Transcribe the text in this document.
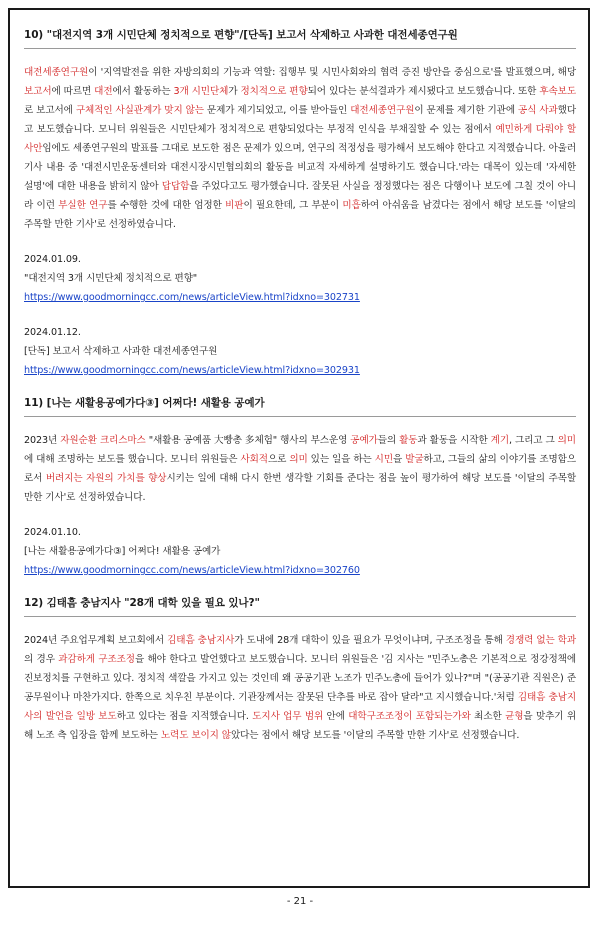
10) "대전지역 3개 시민단체 정치적으로 편향"/[단독] 보고서 삭제하고 사과한 대전세종연구원

대전세종연구원이 '지역발전을 위한 자방의회의 기능과 역할: 집행부 및 시민사회와의 협력 증진 방안을 중심으로'를 발표했으며, 해당 보고서에 따르면 대전에서 활동하는 3개 시민단체가 정치적으로 편향되어 있다는 분석결과가 제시됐다고 보도했습니다. 또한 후속보도로 보고서에 구체적인 사실관계가 맞지 않는 문제가 제기되었고, 이를 받아들인 대전세종연구원이 문제를 제기한 기관에 공식 사과했다고 보도했습니다. 모니터 위원들은 시민단체가 정치적으로 편향되었다는 부정적 인식을 부채질할 수 있는 점에서 예민하게 다뤄야 할 사안임에도 세종연구원의 발표를 그대로 보도한 점은 문제가 있으며, 연구의 적정성을 평가해서 보도해야 한다고 지적했습니다. 아울러 기사 내용 중 '대전시민운동센터와 대전시장시민협의회의 활동을 비교적 자세하게 설명하기도 했습니다.'라는 대목이 있는데 '자세한 설명'에 대한 내용을 밝히지 않아 답답함을 주었다고도 평가했습니다. 잘못된 사실을 정정했다는 점은 다행이나 보도에 그칠 것이 아니라 이런 부실한 연구를 수행한 것에 대한 엄정한 비판이 필요한데, 그 부분이 미흡하여 아쉬움을 남겼다는 점에서 해당 보도를 '이달의 주목할 만한 기사'로 선정하였습니다.

2024.01.09.
"대전지역 3개 시민단체 정치적으로 편향"
https://www.goodmorningcc.com/news/articleView.html?idxno=302731
2024.01.12.
[단독] 보고서 삭제하고 사과한 대전세종연구원
https://www.goodmorningcc.com/news/articleView.html?idxno=302931
11) [나는 새활용공예가다③] 어쩌다! 새활용 공예가

2023년 자원순환 크리스마스 "새활용 공예품 大빵총 多체험" 행사의 부스운영 공예가들의 활동과 활동을 시작한 계기, 그리고 그 의미에 대해 조명하는 보도를 했습니다. 모니터 위원들은 사회적으로 의미 있는 일을 하는 시민을 발굴하고, 그들의 삶의 이야기를 조명함으로서 버려지는 자원의 가치를 향상시키는 일에 대해 다시 한번 생각할 기회를 준다는 점을 높이 평가하여 해당 보도를 '이달의 주목할 만한 기사'로 선정하였습니다.

2024.01.10.
[나는 새활용공예가다③] 어쩌다! 새활용 공예가
https://www.goodmorningcc.com/news/articleView.html?idxno=302760
12) 김태흠 충남지사 "28개 대학 있을 필요 있나?"

2024년 주요업무계획 보고회에서 김태흠 충남지사가 도내에 28개 대학이 있을 필요가 무엇이냐며, 구조조정을 통해 경쟁력 없는 학과의 경우 과감하게 구조조정을 해야 한다고 발언했다고 보도했습니다. 모니터 위원들은 '김 지사는 "민주노총은 기본적으로 정강정책에 진보정치를 구현하고 있다. 정치적 색깔을 가지고 있는 것인데 왜 공공기관 노조가 민주노총에 들어가 있나?"며 "(공공기관 직원은) 준공무원이나 마찬가지다. 한쪽으로 치우친 부분이다. 기관장께서는 잘못된 단추를 바로 잡아 달라"고 지시했습니다.'처럼 김태흠 충남지사의 발언을 일방 보도하고 있다는 점을 지적했습니다. 도지사 업무 범위 안에 대학구조조정이 포함되는가와 최소한 균형을 맞추기 위해 노조 측 입장을 함께 보도하는 노력도 보이지 않았다는 점에서 해당 보도를 '이달의 주목할 만한 기사'로 선정했습니다.

- 21 -
